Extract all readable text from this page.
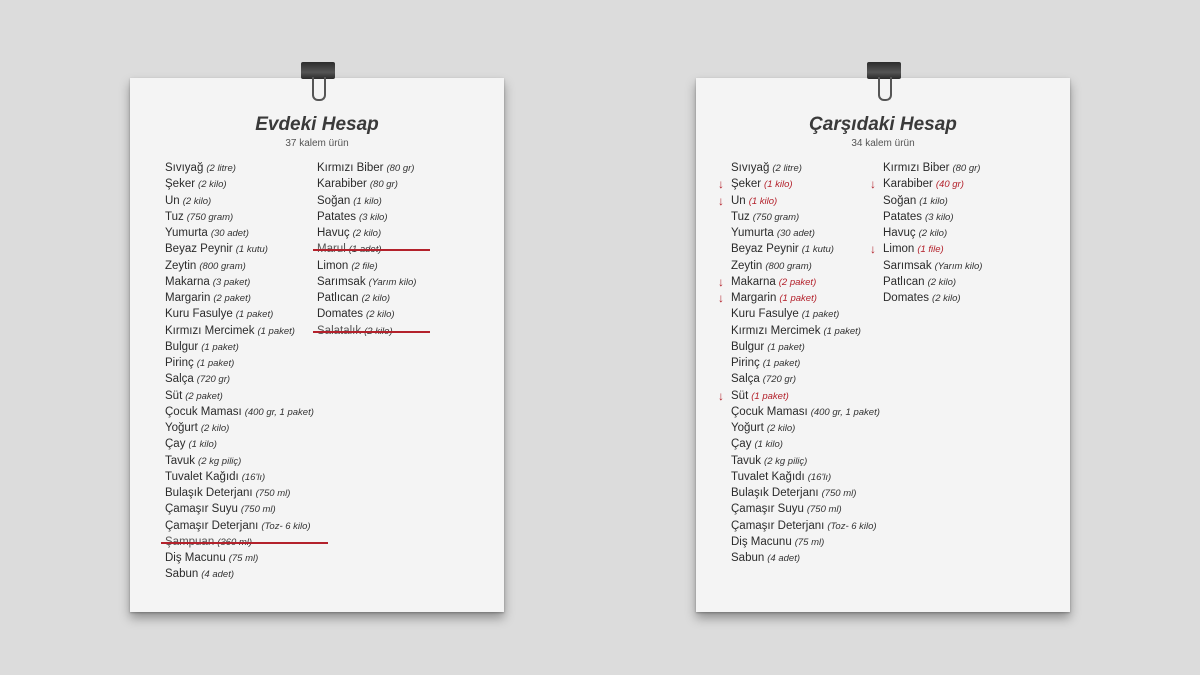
Evdeki Hesap
37 kalem ürün
Sıvıyağ (2 litre)
Şeker (2 kilo)
Un (2 kilo)
Tuz (750 gram)
Yumurta (30 adet)
Beyaz Peynir (1 kutu)
Zeytin (800 gram)
Makarna (3 paket)
Margarin (2 paket)
Kuru Fasulye (1 paket)
Kırmızı Mercimek (1 paket)
Bulgur (1 paket)
Pirinç (1 paket)
Salça (720 gr)
Süt (2 paket)
Çocuk Maması (400 gr, 1 paket)
Yoğurt (2 kilo)
Çay (1 kilo)
Tavuk (2 kg piliç)
Tuvalet Kağıdı (16'lı)
Bulaşık Deterjanı (750 ml)
Çamaşır Suyu (750 ml)
Çamaşır Deterjanı (Toz- 6 kilo)
Diş Macunu (75 ml)
Sabun (4 adet)
Kırmızı Biber (80 gr)
Karabiber (80 gr)
Soğan (1 kilo)
Patates (3 kilo)
Havuç (2 kilo)
Limon (2 file)
Sarımsak (Yarım kilo)
Patlıcan (2 kilo)
Domates (2 kilo)
Çarşıdaki Hesap
34 kalem ürün
Sıvıyağ (2 litre)
↓ Şeker (1 kilo)
↓ Un (1 kilo)
Tuz (750 gram)
Yumurta (30 adet)
Beyaz Peynir (1 kutu)
Zeytin (800 gram)
↓ Makarna (2 paket)
↓ Margarin (1 paket)
Kuru Fasulye (1 paket)
Kırmızı Mercimek (1 paket)
Bulgur (1 paket)
Pirinç (1 paket)
Salça (720 gr)
↓ Süt (1 paket)
Çocuk Maması (400 gr, 1 paket)
Yoğurt (2 kilo)
Çay (1 kilo)
Tavuk (2 kg piliç)
Tuvalet Kağıdı (16'lı)
Bulaşık Deterjanı (750 ml)
Çamaşır Suyu (750 ml)
Çamaşır Deterjanı (Toz- 6 kilo)
Diş Macunu (75 ml)
Sabun (4 adet)
Kırmızı Biber (80 gr)
↓ Karabiber (40 gr)
Soğan (1 kilo)
Patates (3 kilo)
Havuç (2 kilo)
↓ Limon (1 file)
Sarımsak (Yarım kilo)
Patlıcan (2 kilo)
Domates (2 kilo)
